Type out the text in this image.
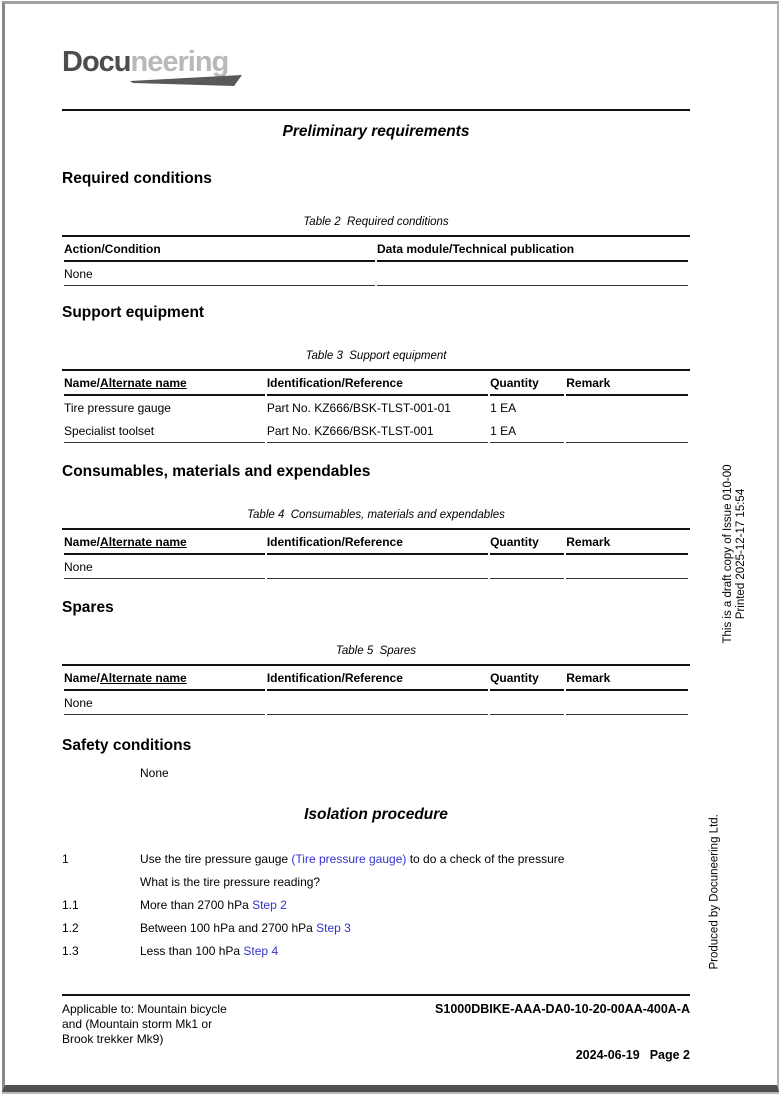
Docuneering
Preliminary requirements
Required conditions
Table 2  Required conditions
Action/Condition	Data module/Technical publication
None	
Support equipment
Table 3  Support equipment
Name/Alternate name	Identification/Reference	Quantity	Remark
Tire pressure gauge	Part No. KZ666/BSK-TLST-001-01	1 EA	
Specialist toolset	Part No. KZ666/BSK-TLST-001	1 EA	
Consumables, materials and expendables
Table 4  Consumables, materials and expendables
Name/Alternate name	Identification/Reference	Quantity	Remark
None			
Spares
Table 5  Spares
Name/Alternate name	Identification/Reference	Quantity	Remark
None			
Safety conditions
None
Isolation procedure
1	Use the tire pressure gauge (Tire pressure gauge) to do a check of the pressure
What is the tire pressure reading?
1.1	More than 2700 hPa Step 2
1.2	Between 100 hPa and 2700 hPa Step 3
1.3	Less than 100 hPa Step 4
Applicable to: Mountain bicycle
and (Mountain storm Mk1 or
Brook trekker Mk9)
S1000DBIKE-AAA-DA0-10-20-00AA-400A-A
2024-06-19 Page 2
This is a draft copy of Issue 010-00 Printed 2025-12-17 15:54
Produced by Docuneering Ltd.
